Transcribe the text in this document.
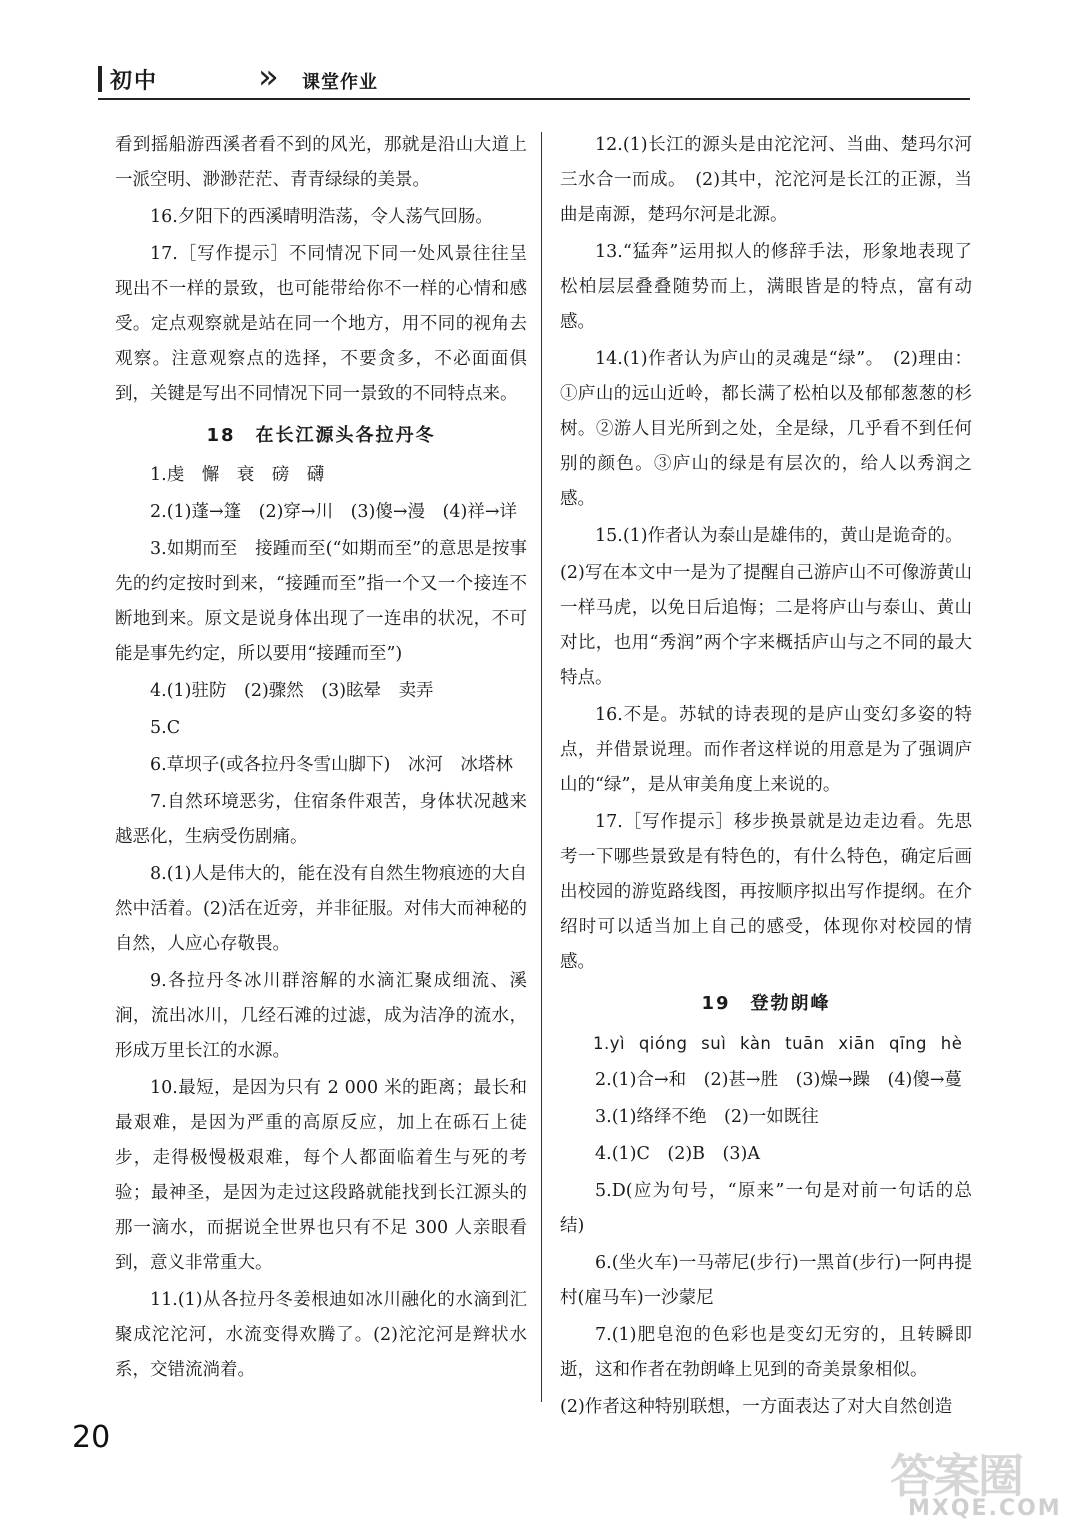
初中	» 课堂作业

看到摇船游西溪者看不到的风光，那就是沿山大道上一派空明、渺渺茫茫、青青绿绿的美景。

16.夕阳下的西溪晴明浩荡，令人荡气回肠。

17.［写作提示］不同情况下同一处风景往往呈现出不一样的景致，也可能带给你不一样的心情和感受。定点观察就是站在同一个地方，用不同的视角去观察。注意观察点的选择，不要贪多，不必面面俱到，关键是写出不同情况下同一景致的不同特点来。

18　在长江源头各拉丹冬

1.虔　懈　衰　磅　礴

2.(1)蓬→篷　(2)穿→川　(3)傻→漫　(4)祥→详

3.如期而至　接踵而至(“如期而至”的意思是按事先的约定按时到来，“接踵而至”指一个又一个接连不断地到来。原文是说身体出现了一连串的状况，不可能是事先约定，所以要用“接踵而至”)

4.(1)驻防　(2)骤然　(3)眩晕　卖弄

5.C

6.草坝子(或各拉丹冬雪山脚下)　冰河　冰塔林

7.自然环境恶劣，住宿条件艰苦，身体状况越来越恶化，生病受伤剧痛。

8.(1)人是伟大的，能在没有自然生物痕迹的大自然中活着。(2)活在近旁，并非征服。对伟大而神秘的自然，人应心存敬畏。

9.各拉丹冬冰川群溶解的水滴汇聚成细流、溪涧，流出冰川，几经石滩的过滤，成为洁净的流水，形成万里长江的水源。

10.最短，是因为只有 2 000 米的距离；最长和最艰难，是因为严重的高原反应，加上在砾石上徒步，走得极慢极艰难，每个人都面临着生与死的考验；最神圣，是因为走过这段路就能找到长江源头的那一滴水，而据说全世界也只有不足 300 人亲眼看到，意义非常重大。

11.(1)从各拉丹冬姜根迪如冰川融化的水滴到汇聚成沱沱河，水流变得欢腾了。(2)沱沱河是辫状水系，交错流淌着。

12.(1)长江的源头是由沱沱河、当曲、楚玛尔河三水合一而成。　(2)其中，沱沱河是长江的正源，当曲是南源，楚玛尔河是北源。

13.“猛奔”运用拟人的修辞手法，形象地表现了松柏层层叠叠随势而上，满眼皆是的特点，富有动感。

14.(1)作者认为庐山的灵魂是“绿”。　(2)理由：①庐山的远山近岭，都长满了松柏以及郁郁葱葱的杉树。②游人目光所到之处，全是绿，几乎看不到任何别的颜色。③庐山的绿是有层次的，给人以秀润之感。

15.(1)作者认为泰山是雄伟的，黄山是诡奇的。

(2)写在本文中一是为了提醒自己游庐山不可像游黄山一样马虎，以免日后追悔；二是将庐山与泰山、黄山对比，也用“秀润”两个字来概括庐山与之不同的最大特点。

16.不是。苏轼的诗表现的是庐山变幻多姿的特点，并借景说理。而作者这样说的用意是为了强调庐山的“绿”，是从审美角度上来说的。

17.［写作提示］移步换景就是边走边看。先思考一下哪些景致是有特色的，有什么特色，确定后画出校园的游览路线图，再按顺序拟出写作提纲。在介绍时可以适当加上自己的感受，体现你对校园的情感。

19　登勃朗峰

1.yì qióng suì kàn tuān xiān qīng hè

2.(1)合→和　(2)甚→胜　(3)燥→躁　(4)傻→蔓

3.(1)络绎不绝　(2)一如既往

4.(1)C　(2)B　(3)A

5.D(应为句号，“原来”一句是对前一句话的总结)

6.(坐火车)一马蒂尼(步行)一黑首(步行)一阿冉提村(雇马车)一沙蒙尼

7.(1)肥皂泡的色彩也是变幻无穷的，且转瞬即逝，这和作者在勃朗峰上见到的奇美景象相似。

(2)作者这种特别联想，一方面表达了对大自然创造

20
答案圈
MXQE.COM
